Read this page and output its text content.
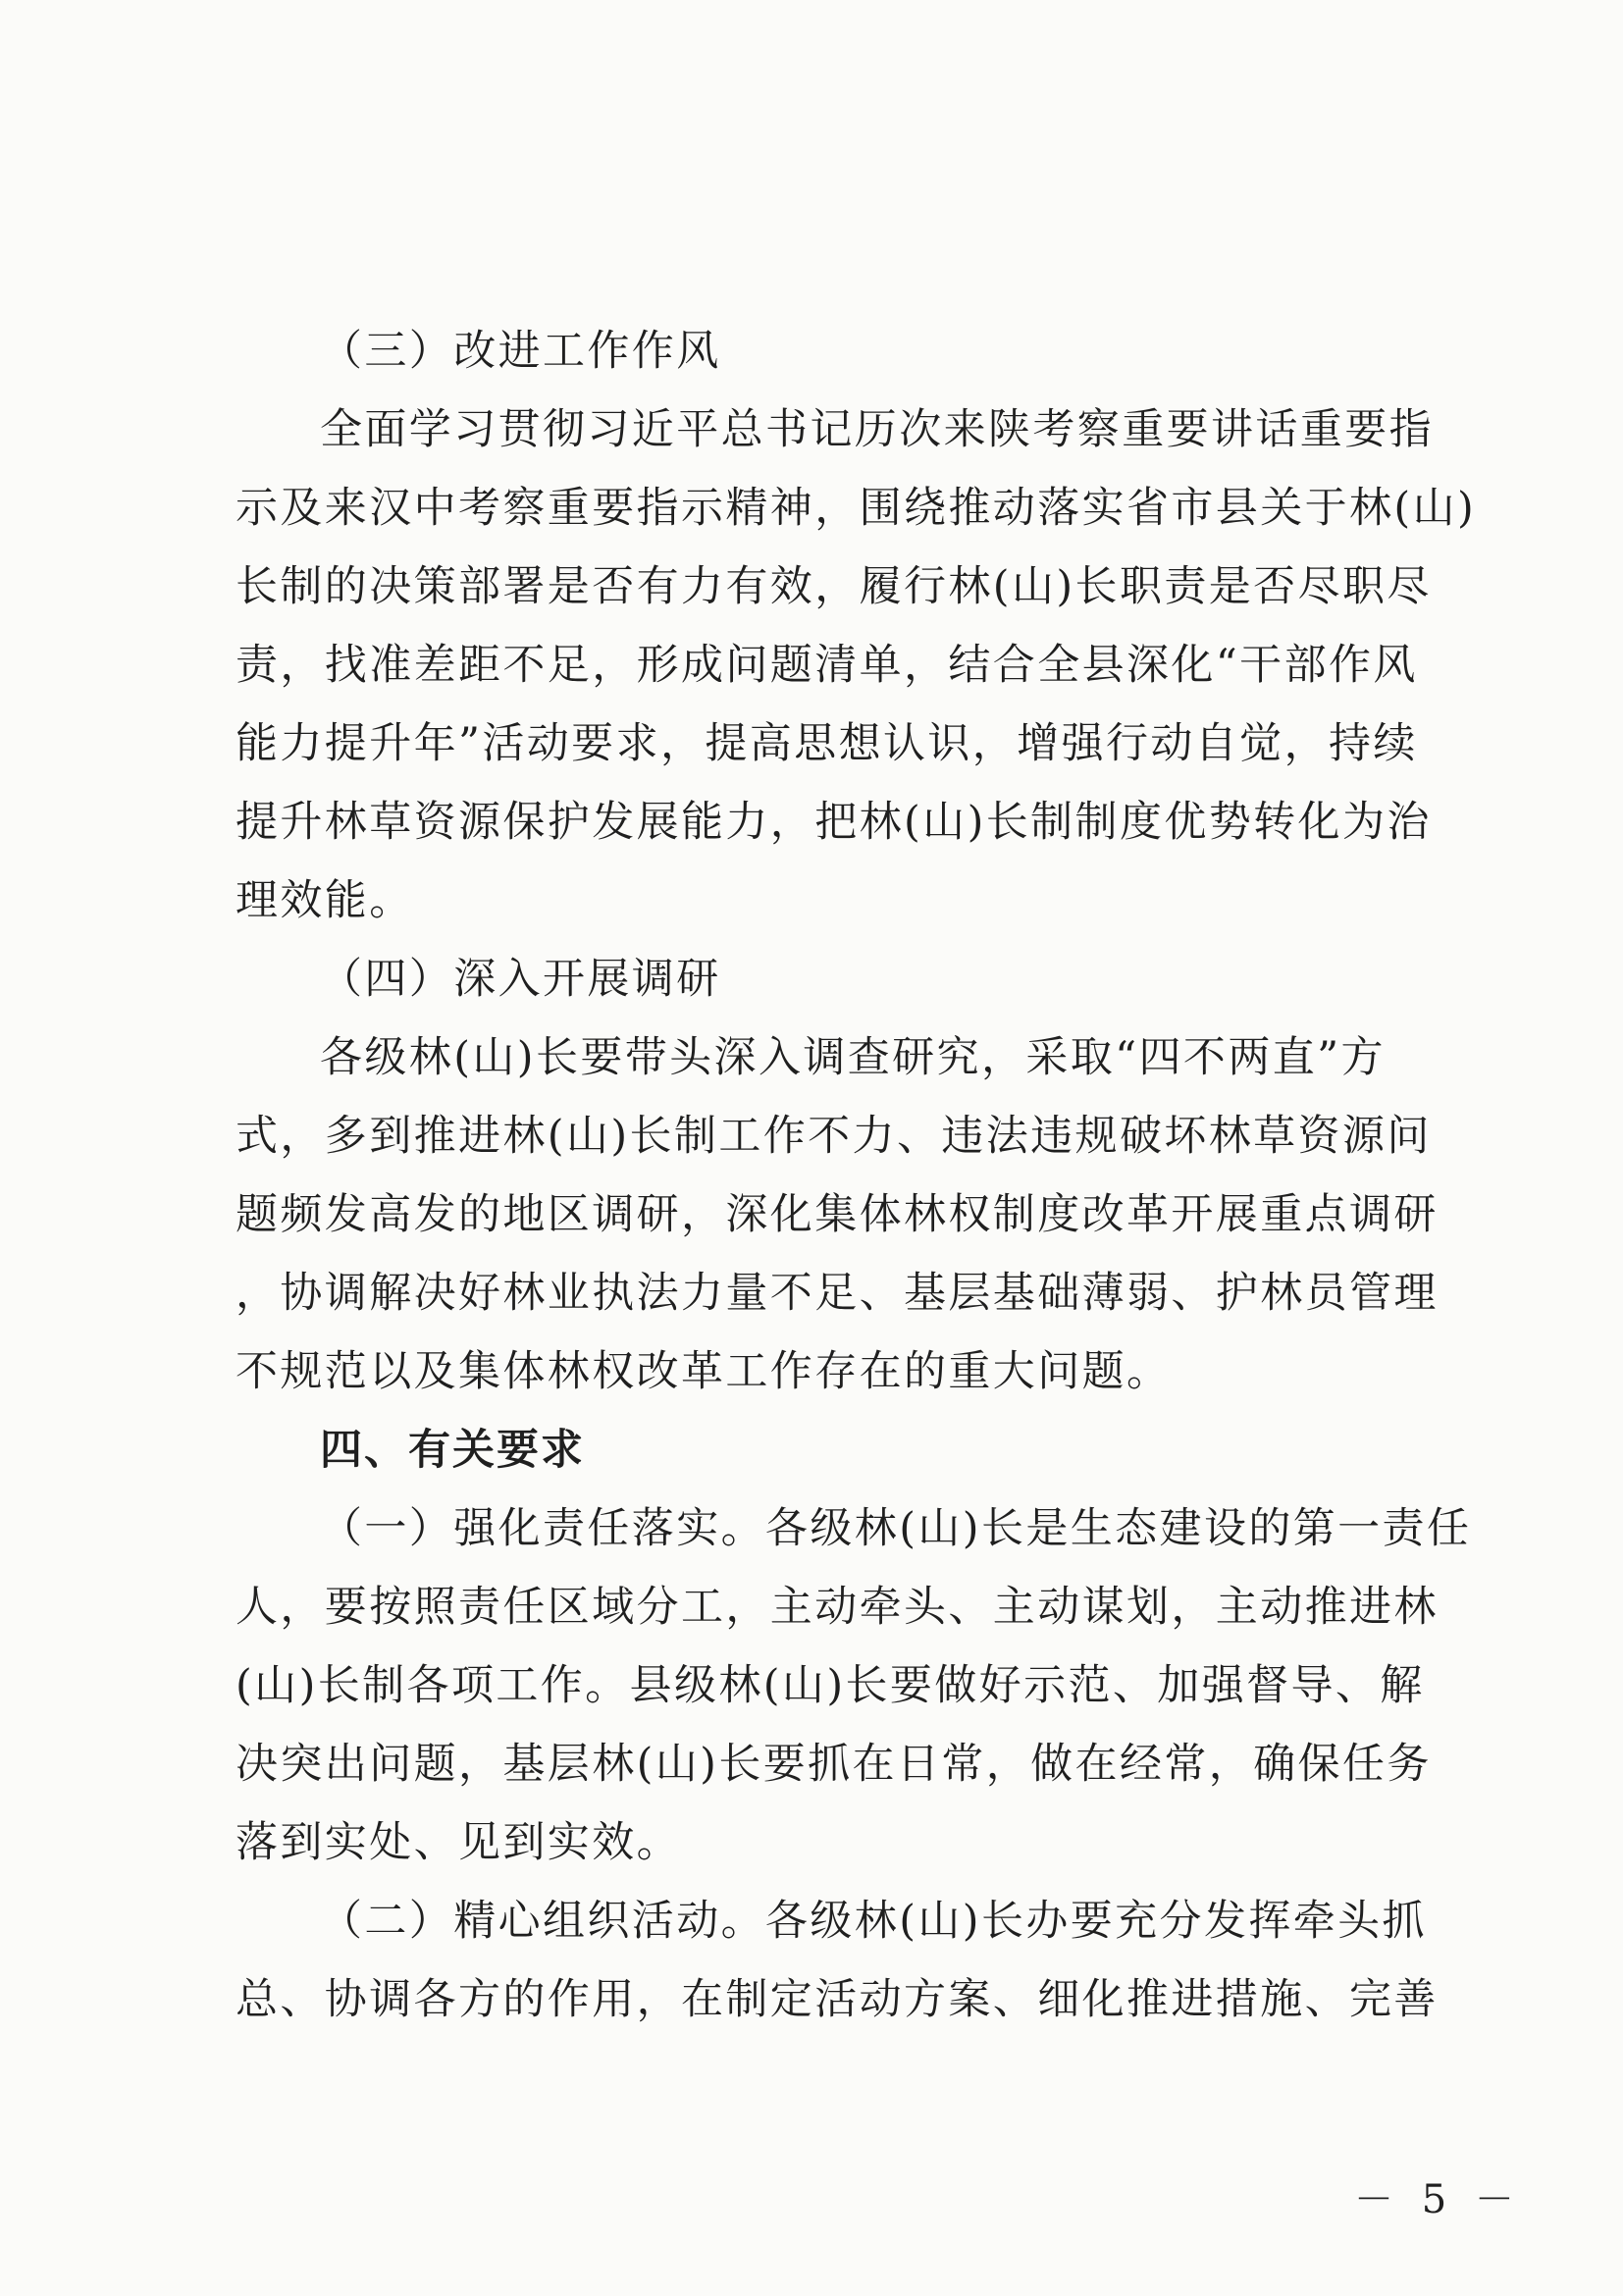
（三）改进工作作风
全面学习贯彻习近平总书记历次来陕考察重要讲话重要指
示及来汉中考察重要指示精神，围绕推动落实省市县关于林(山)
长制的决策部署是否有力有效，履行林(山)长职责是否尽职尽
责，找准差距不足，形成问题清单，结合全县深化“干部作风
能力提升年”活动要求，提高思想认识，增强行动自觉，持续
提升林草资源保护发展能力，把林(山)长制制度优势转化为治
理效能。
（四）深入开展调研
各级林(山)长要带头深入调查研究，采取“四不两直”方
式，多到推进林(山)长制工作不力、违法违规破坏林草资源问
题频发高发的地区调研，深化集体林权制度改革开展重点调研
，协调解决好林业执法力量不足、基层基础薄弱、护林员管理
不规范以及集体林权改革工作存在的重大问题。
四、有关要求
（一）强化责任落实。各级林(山)长是生态建设的第一责任
人，要按照责任区域分工，主动牵头、主动谋划，主动推进林
(山)长制各项工作。县级林(山)长要做好示范、加强督导、解
决突出问题，基层林(山)长要抓在日常，做在经常，确保任务
落到实处、见到实效。
（二）精心组织活动。各级林(山)长办要充分发挥牵头抓
总、协调各方的作用，在制定活动方案、细化推进措施、完善
－ 5 －
